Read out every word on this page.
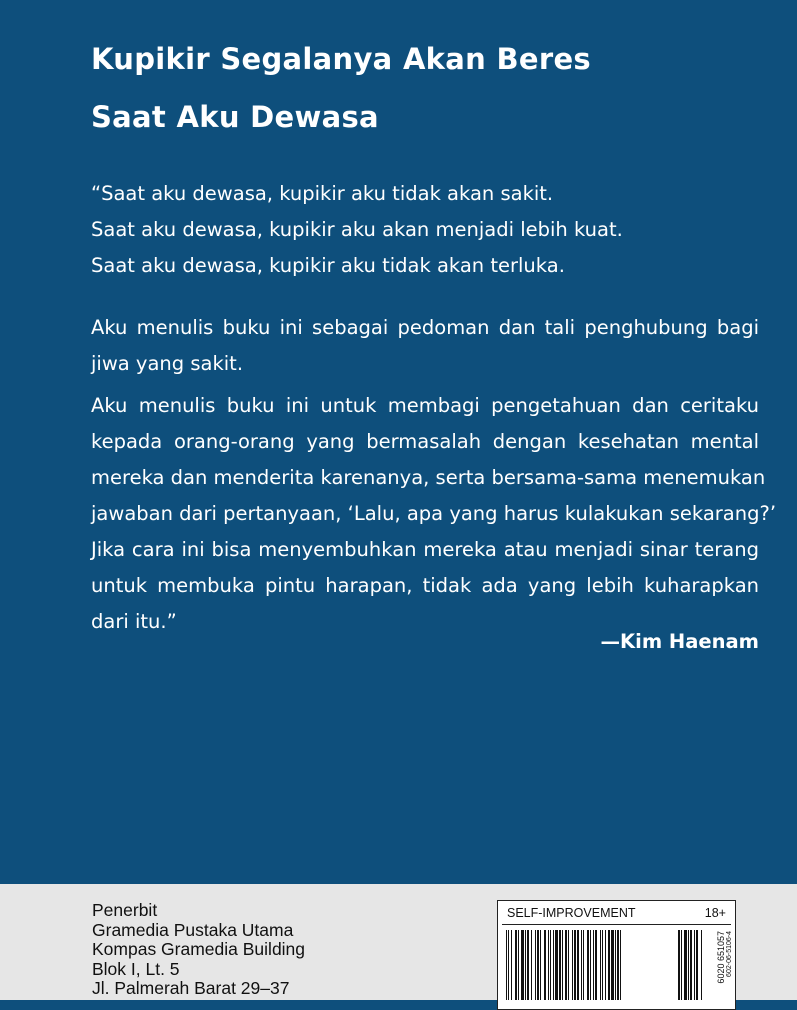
Kupikir Segalanya Akan Beres
Saat Aku Dewasa
“Saat aku dewasa, kupikir aku tidak akan sakit.
Saat aku dewasa, kupikir aku akan menjadi lebih kuat.
Saat aku dewasa, kupikir aku tidak akan terluka.
Aku menulis buku ini sebagai pedoman dan tali penghubung bagi
jiwa yang sakit.
Aku menulis buku ini untuk membagi pengetahuan dan ceritaku
kepada orang-orang yang bermasalah dengan kesehatan mental
mereka dan menderita karenanya, serta bersama-sama menemukan
jawaban dari pertanyaan, ‘Lalu, apa yang harus kulakukan sekarang?’
Jika cara ini bisa menyembuhkan mereka atau menjadi sinar terang
untuk membuka pintu harapan, tidak ada yang lebih kuharapkan
dari itu.”
—Kim Haenam
Penerbit
Gramedia Pustaka Utama
Kompas Gramedia Building
Blok I, Lt. 5
Jl. Palmerah Barat 29–37
SELF-IMPROVEMENT	18+
6020 651057 602-06-5106-4
